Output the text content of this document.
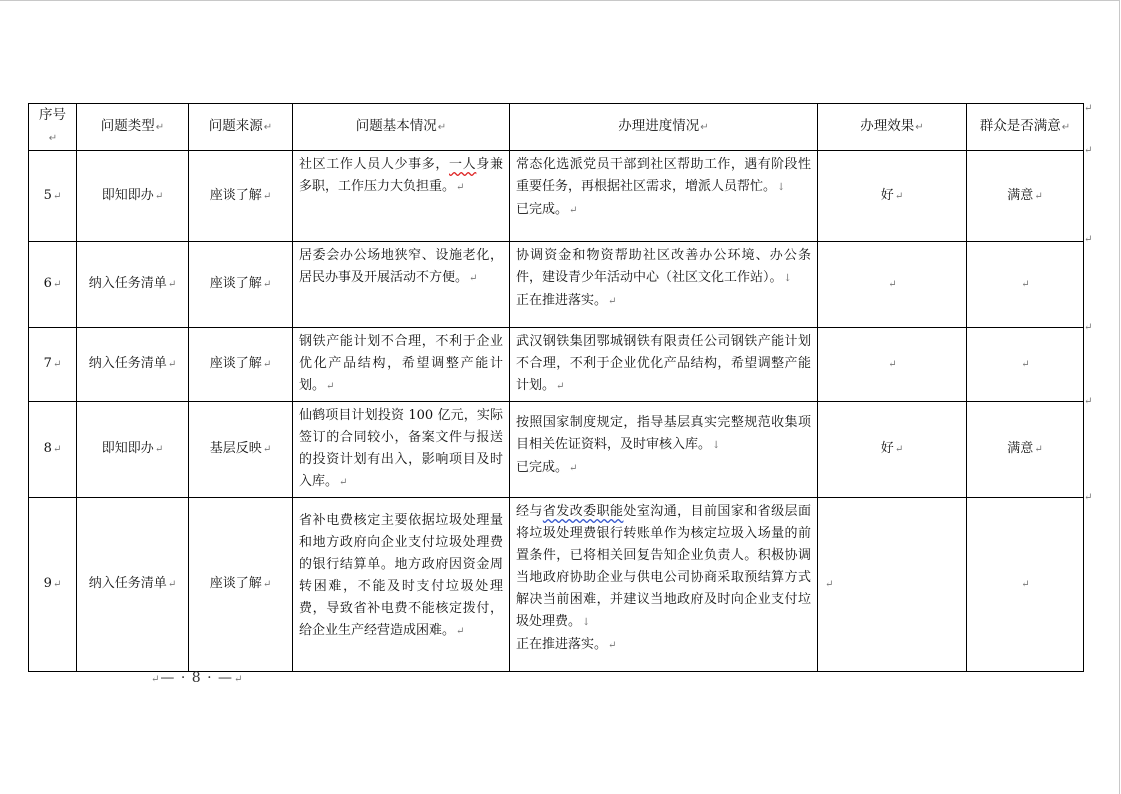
序号↵	问题类型↵	问题来源↵	问题基本情况↵	办理进度情况↵	办理效果↵	群众是否满意↵
5↵	即知即办↵	座谈了解↵	社区工作人员人少事多，一人身兼多职，工作压力大负担重。↵	常态化选派党员干部到社区帮助工作，遇有阶段性重要任务，再根据社区需求，增派人员帮忙。↓
已完成。↵	好↵	满意↵
6↵	纳入任务清单↵	座谈了解↵	居委会办公场地狭窄、设施老化，居民办事及开展活动不方便。↵	协调资金和物资帮助社区改善办公环境、办公条件，建设青少年活动中心（社区文化工作站）。↓
正在推进落实。↵	↵	↵
7↵	纳入任务清单↵	座谈了解↵	钢铁产能计划不合理，不利于企业优化产品结构，希望调整产能计划。↵	武汉钢铁集团鄂城钢铁有限责任公司钢铁产能计划不合理，不利于企业优化产品结构，希望调整产能计划。↵	↵	↵
8↵	即知即办↵	基层反映↵	仙鹤项目计划投资 100 亿元，实际签订的合同较小，备案文件与报送的投资计划有出入，影响项目及时入库。↵	按照国家制度规定，指导基层真实完整规范收集项目相关佐证资料，及时审核入库。↓
已完成。↵	好↵	满意↵
9↵	纳入任务清单↵	座谈了解↵	省补电费核定主要依据垃圾处理量和地方政府向企业支付垃圾处理费的银行结算单。地方政府因资金周转困难，不能及时支付垃圾处理费，导致省补电费不能核定拨付，给企业生产经营造成困难。↵	经与省发改委职能处室沟通，目前国家和省级层面将垃圾处理费银行转账单作为核定垃圾入场量的前置条件，已将相关回复告知企业负责人。积极协调当地政府协助企业与供电公司协商采取预结算方式解决当前困难，并建议当地政府及时向企业支付垃圾处理费。↓
正在推进落实。↵	↵	↵
↵
↵
↵
↵
↵
↵
↵— · 8 · —↵
